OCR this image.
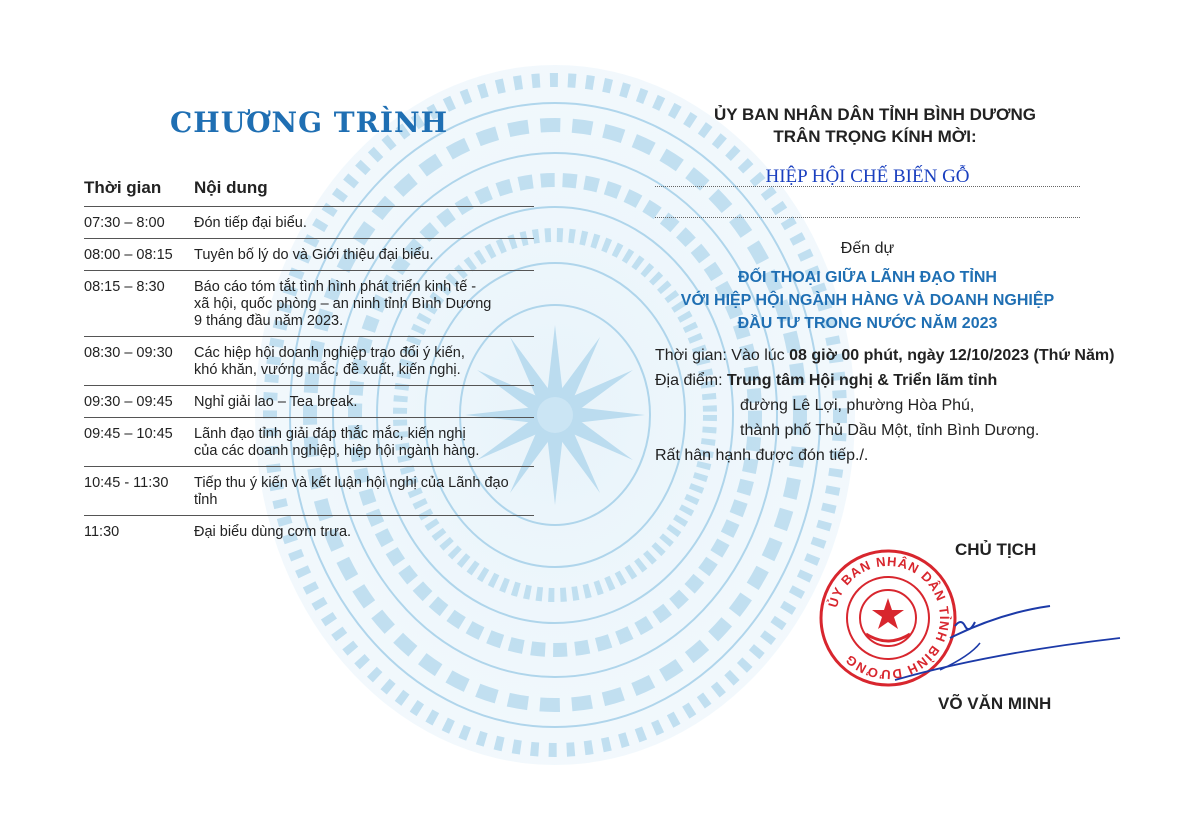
CHƯƠNG TRÌNH
Thời gian	Nội dung
07:30 – 8:00	Đón tiếp đại biểu.
08:00 – 08:15	Tuyên bố lý do và Giới thiệu đại biểu.
08:15 – 8:30	Báo cáo tóm tắt tình hình phát triển kinh tế -
xã hội, quốc phòng – an ninh tỉnh Bình Dương
9 tháng đầu năm 2023.
08:30 – 09:30	Các hiệp hội doanh nghiệp trao đổi ý kiến,
khó khăn, vướng mắc, đề xuất, kiến nghị.
09:30 – 09:45	Nghỉ giải lao – Tea break.
09:45 – 10:45	Lãnh đạo tỉnh giải đáp thắc mắc, kiến nghị
của các doanh nghiệp, hiệp hội ngành hàng.
10:45 - 11:30	Tiếp thu ý kiến và kết luận hội nghị của Lãnh đạo tỉnh
11:30	Đại biểu dùng cơm trưa.
ỦY BAN NHÂN DÂN TỈNH BÌNH DƯƠNG
TRÂN TRỌNG KÍNH MỜI:
HIỆP HỘI CHẾ BIẾN GỖ
Đến dự
ĐỐI THOẠI GIỮA LÃNH ĐẠO TỈNH
VỚI HIỆP HỘI NGÀNH HÀNG VÀ DOANH NGHIỆP
ĐẦU TƯ TRONG NƯỚC NĂM 2023
Thời gian: Vào lúc 08 giờ 00 phút, ngày 12/10/2023 (Thứ Năm)
Địa điểm: Trung tâm Hội nghị & Triển lãm tỉnh
đường Lê Lợi, phường Hòa Phú,
thành phố Thủ Dầu Một, tỉnh Bình Dương.
Rất hân hạnh được đón tiếp./.
CHỦ TỊCH
ỦY BAN NHÂN DÂN TỈNH BÌNH DƯƠNG
VÕ VĂN MINH
